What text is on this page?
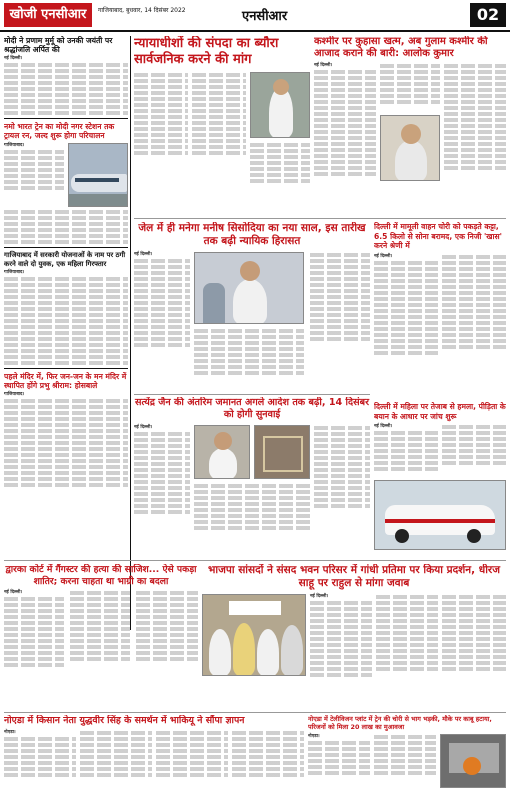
खोजी एनसीआर	गाजियाबाद, बुधवार, 14 दिसंबर 2022	एनसीआर	02
मोदी ने प्रणाम मुर्मू को उनकी जयंती पर श्रद्धांजलि अर्पित की
नई दिल्ली।
नमो भारत ट्रेन का मोदी नगर स्टेशन तक ट्रायल रन, जल्द शुरू होगा परिचालन
गाजियाबाद।
गाजियाबाद में सरकारी योजनाओं के नाम पर ठगी करने वाले दो युवक, एक महिला गिरफ्तार
गाजियाबाद।
पहले मंदिर में, फिर जन-जन के मन मंदिर में स्थापित होंगे प्रभु श्रीराम: होसबाले
गाजियाबाद।
न्यायाधीशों की संपदा का ब्यौरा सार्वजनिक करने की मांग
कश्मीर पर कुहासा खत्म, अब गुलाम कश्मीर की आजाद कराने की बारी: आलोक कुमार
नई दिल्ली।
जेल में ही मनेगा मनीष सिसोदिया का नया साल, इस तारीख तक बढ़ी न्यायिक हिरासत
नई दिल्ली।
दिल्ली में मामूली वाहन चोरी को पकड़ते कट्टा, 6.5 किलो से सोना बरामद, एक निजी 'खास' करने श्रेणी में
नई दिल्ली।
सत्येंद्र जैन की अंतरिम जमानत अगले आदेश तक बढ़ी, 14 दिसंबर को होगी सुनवाई
नई दिल्ली।
दिल्ली में महिला पर तेजाब से हमला, पीड़िता के बयान के आधार पर जांच शुरू
नई दिल्ली।
द्वारका कोर्ट में गैंगस्टर की हत्या की साजिश... ऐसे पकड़ा शातिर; करना चाहता था भाग्री का बदला
नई दिल्ली।
भाजपा सांसदों ने संसद भवन परिसर में गांधी प्रतिमा पर किया प्रदर्शन, धीरज साहू पर राहुल से मांगा जवाब
नई दिल्ली।
नोएडा में किसान नेता युद्धवीर सिंह के समर्थन में भाकियू ने सौंपा ज्ञापन
नोएडा।
नोएडा में टेलीविजन प्लांट में ट्रेन की चोरी से भाग भड़की, मौके पर काबू हटाया, परिजनों को मिला 20 लाख का मुआवजा
नोएडा।
